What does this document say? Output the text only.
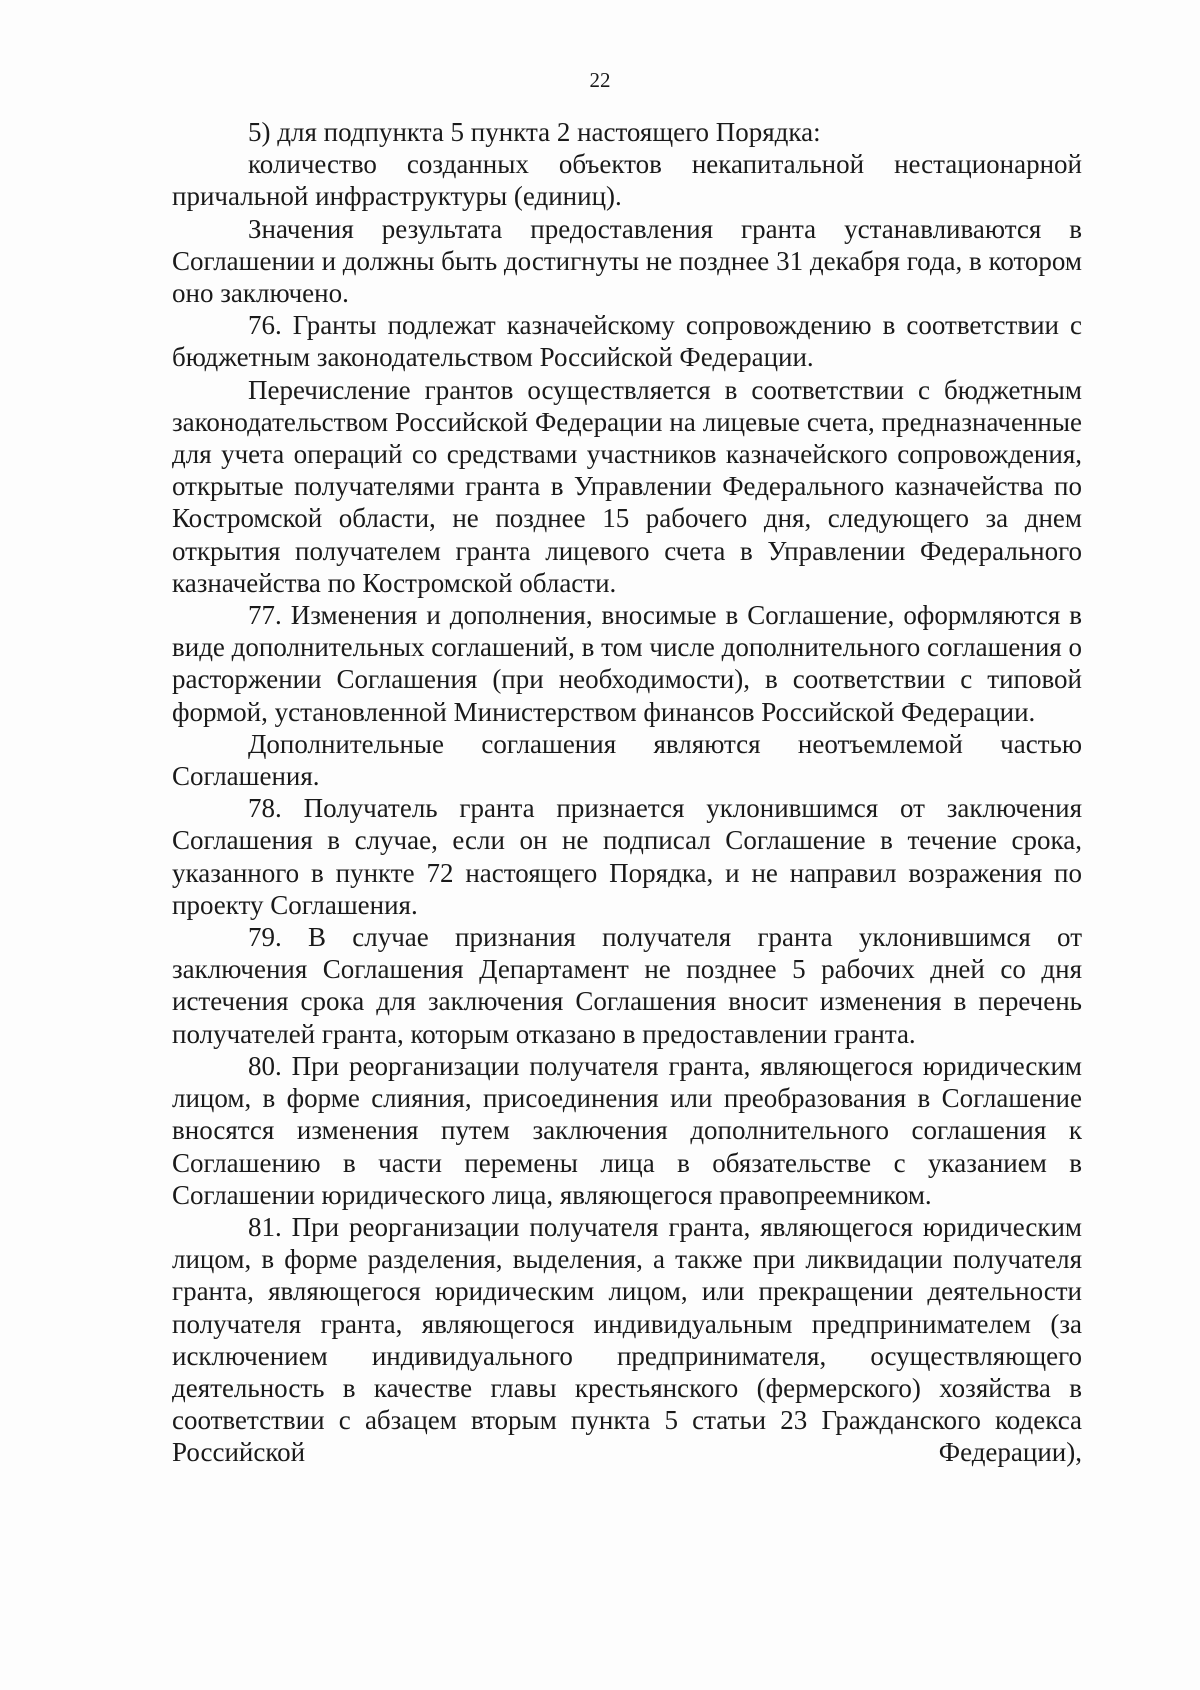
22

5) для подпункта 5 пункта 2 настоящего Порядка:

количество созданных объектов некапитальной нестационарной причальной инфраструктуры (единиц).

Значения результата предоставления гранта устанавливаются в Соглашении и должны быть достигнуты не позднее 31 декабря года, в котором оно заключено.

76. Гранты подлежат казначейскому сопровождению в соответствии с бюджетным законодательством Российской Федерации.

Перечисление грантов осуществляется в соответствии с бюджетным законодательством Российской Федерации на лицевые счета, предназначенные для учета операций со средствами участников казначейского сопровождения, открытые получателями гранта в Управлении Федерального казначейства по Костромской области, не позднее 15 рабочего дня, следующего за днем открытия получателем гранта лицевого счета в Управлении Федерального казначейства по Костромской области.

77. Изменения и дополнения, вносимые в Соглашение, оформляются в виде дополнительных соглашений, в том числе дополнительного соглашения о расторжении Соглашения (при необходимости), в соответствии с типовой формой, установленной Министерством финансов Российской Федерации.

Дополнительные соглашения являются неотъемлемой частью Соглашения.

78. Получатель гранта признается уклонившимся от заключения Соглашения в случае, если он не подписал Соглашение в течение срока, указанного в пункте 72 настоящего Порядка, и не направил возражения по проекту Соглашения.

79. В случае признания получателя гранта уклонившимся от заключения Соглашения Департамент не позднее 5 рабочих дней со дня истечения срока для заключения Соглашения вносит изменения в перечень получателей гранта, которым отказано в предоставлении гранта.

80. При реорганизации получателя гранта, являющегося юридическим лицом, в форме слияния, присоединения или преобразования в Соглашение вносятся изменения путем заключения дополнительного соглашения к Соглашению в части перемены лица в обязательстве с указанием в Соглашении юридического лица, являющегося правопреемником.

81. При реорганизации получателя гранта, являющегося юридическим лицом, в форме разделения, выделения, а также при ликвидации получателя гранта, являющегося юридическим лицом, или прекращении деятельности получателя гранта, являющегося индивидуальным предпринимателем (за исключением индивидуального предпринимателя, осуществляющего деятельность в качестве главы крестьянского (фермерского) хозяйства в соответствии с абзацем вторым пункта 5 статьи 23 Гражданского кодекса Российской Федерации),
